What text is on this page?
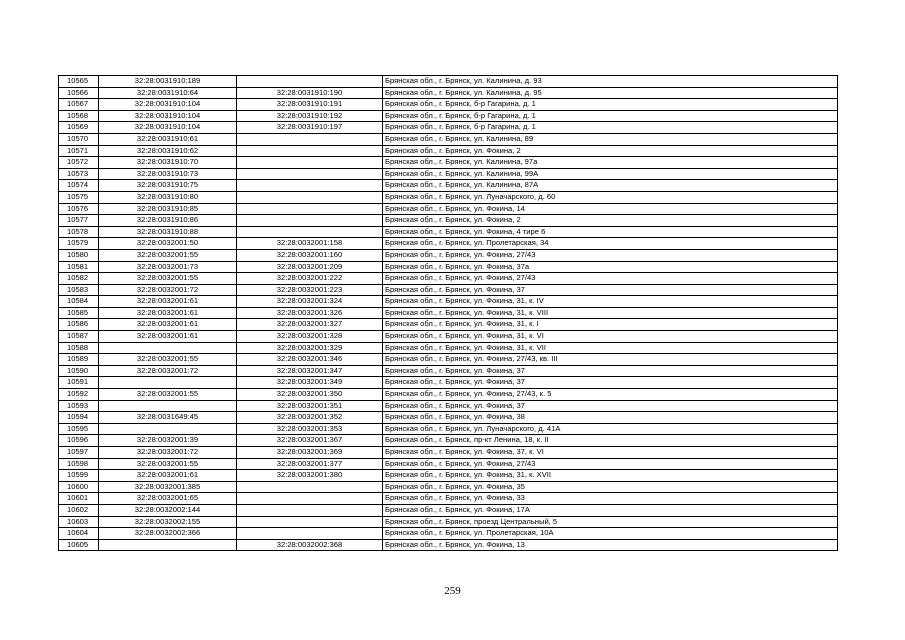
10565	32:28:0031910:189		Брянская обл., г. Брянск, ул. Калинина, д. 93
10566	32:28:0031910:64	32:28:0031910:190	Брянская обл., г. Брянск, ул. Калинина, д. 95
10567	32:28:0031910:104	32:28:0031910:191	Брянская обл., г. Брянск, б-р Гагарина, д. 1
10568	32:28:0031910:104	32:28:0031910:192	Брянская обл., г. Брянск, б-р Гагарина, д. 1
10569	32:28:0031910:104	32:28:0031910:197	Брянская обл., г. Брянск, б-р Гагарина, д. 1
10570	32:28:0031910:61		Брянская обл., г. Брянск, ул. Калинина, 89
10571	32:28:0031910:62		Брянская обл., г. Брянск, ул. Фокина, 2
10572	32:28:0031910:70		Брянская обл., г. Брянск, ул. Калинина, 97а
10573	32:28:0031910:73		Брянская обл., г. Брянск, ул. Калинина, 99А
10574	32:28:0031910:75		Брянская обл., г. Брянск, ул. Калинина, 87А
10575	32:28:0031910:80		Брянская обл., г. Брянск, ул. Луначарского, д. 60
10576	32:28:0031910:85		Брянская обл., г. Брянск, ул. Фокина, 14
10577	32:28:0031910:86		Брянская обл., г. Брянск, ул. Фокина, 2
10578	32:28:0031910:88		Брянская обл., г. Брянск, ул. Фокина, 4 тире 6
10579	32:28:0032001:50	32:28:0032001:158	Брянская обл., г. Брянск, ул. Пролетарская, 34
10580	32:28:0032001:55	32:28:0032001:160	Брянская обл., г. Брянск, ул. Фокина, 27/43
10581	32:28:0032001:73	32:28:0032001:209	Брянская обл., г. Брянск, ул. Фокина, 37а
10582	32:28:0032001:55	32:28:0032001:222	Брянская обл., г. Брянск, ул. Фокина, 27/43
10583	32:28:0032001:72	32:28:0032001:223	Брянская обл., г. Брянск, ул. Фокина, 37
10584	32:28:0032001:61	32:28:0032001:324	Брянская обл., г. Брянск, ул. Фокина, 31, к. IV
10585	32:28:0032001:61	32:28:0032001:326	Брянская обл., г. Брянск, ул. Фокина, 31, к. VIII
10586	32:28:0032001:61	32:28:0032001:327	Брянская обл., г. Брянск, ул. Фокина, 31, к. I
10587	32:28:0032001:61	32:28:0032001:328	Брянская обл., г. Брянск, ул. Фокина, 31, к. VI
10588		32:28:0032001:329	Брянская обл., г. Брянск, ул. Фокина, 31, к. VII
10589	32:28:0032001:55	32:28:0032001:346	Брянская обл., г. Брянск, ул. Фокина, 27/43, кв. III
10590	32:28:0032001:72	32:28:0032001:347	Брянская обл., г. Брянск, ул. Фокина, 37
10591		32:28:0032001:349	Брянская обл., г. Брянск, ул. Фокина, 37
10592	32:28:0032001:55	32:28:0032001:350	Брянская обл., г. Брянск, ул. Фокина, 27/43, к. 5
10593		32:28:0032001:351	Брянская обл., г. Брянск, ул. Фокина, 37
10594	32:28:0031649:45	32:28:0032001:352	Брянская обл., г. Брянск, ул. Фокина, 38
10595		32:28:0032001:353	Брянская обл., г. Брянск, ул. Луначарского, д. 41А
10596	32:28:0032001:39	32:28:0032001:367	Брянская обл., г. Брянск, пр-кт Ленина, 18, к. II
10597	32:28:0032001:72	32:28:0032001:369	Брянская обл., г. Брянск, ул. Фокина, 37, к. VI
10598	32:28:0032001:55	32:28:0032001:377	Брянская обл., г. Брянск, ул. Фокина, 27/43
10599	32:28:0032001:61	32:28:0032001:380	Брянская обл., г. Брянск, ул. Фокина, 31, к. XVII
10600	32:28:0032001:385		Брянская обл., г. Брянск, ул. Фокина, 35
10601	32:28:0032001:65		Брянская обл., г. Брянск, ул. Фокина, 33
10602	32:28:0032002:144		Брянская обл., г. Брянск, ул. Фокина, 17А
10603	32:28:0032002:155		Брянская обл., г. Брянск, проезд Центральный, 5
10604	32:28:0032002:366		Брянская обл., г. Брянск, ул. Пролетарская, 10А
10605		32:28:0032002:368	Брянская обл., г. Брянск, ул. Фокина, 13
259
